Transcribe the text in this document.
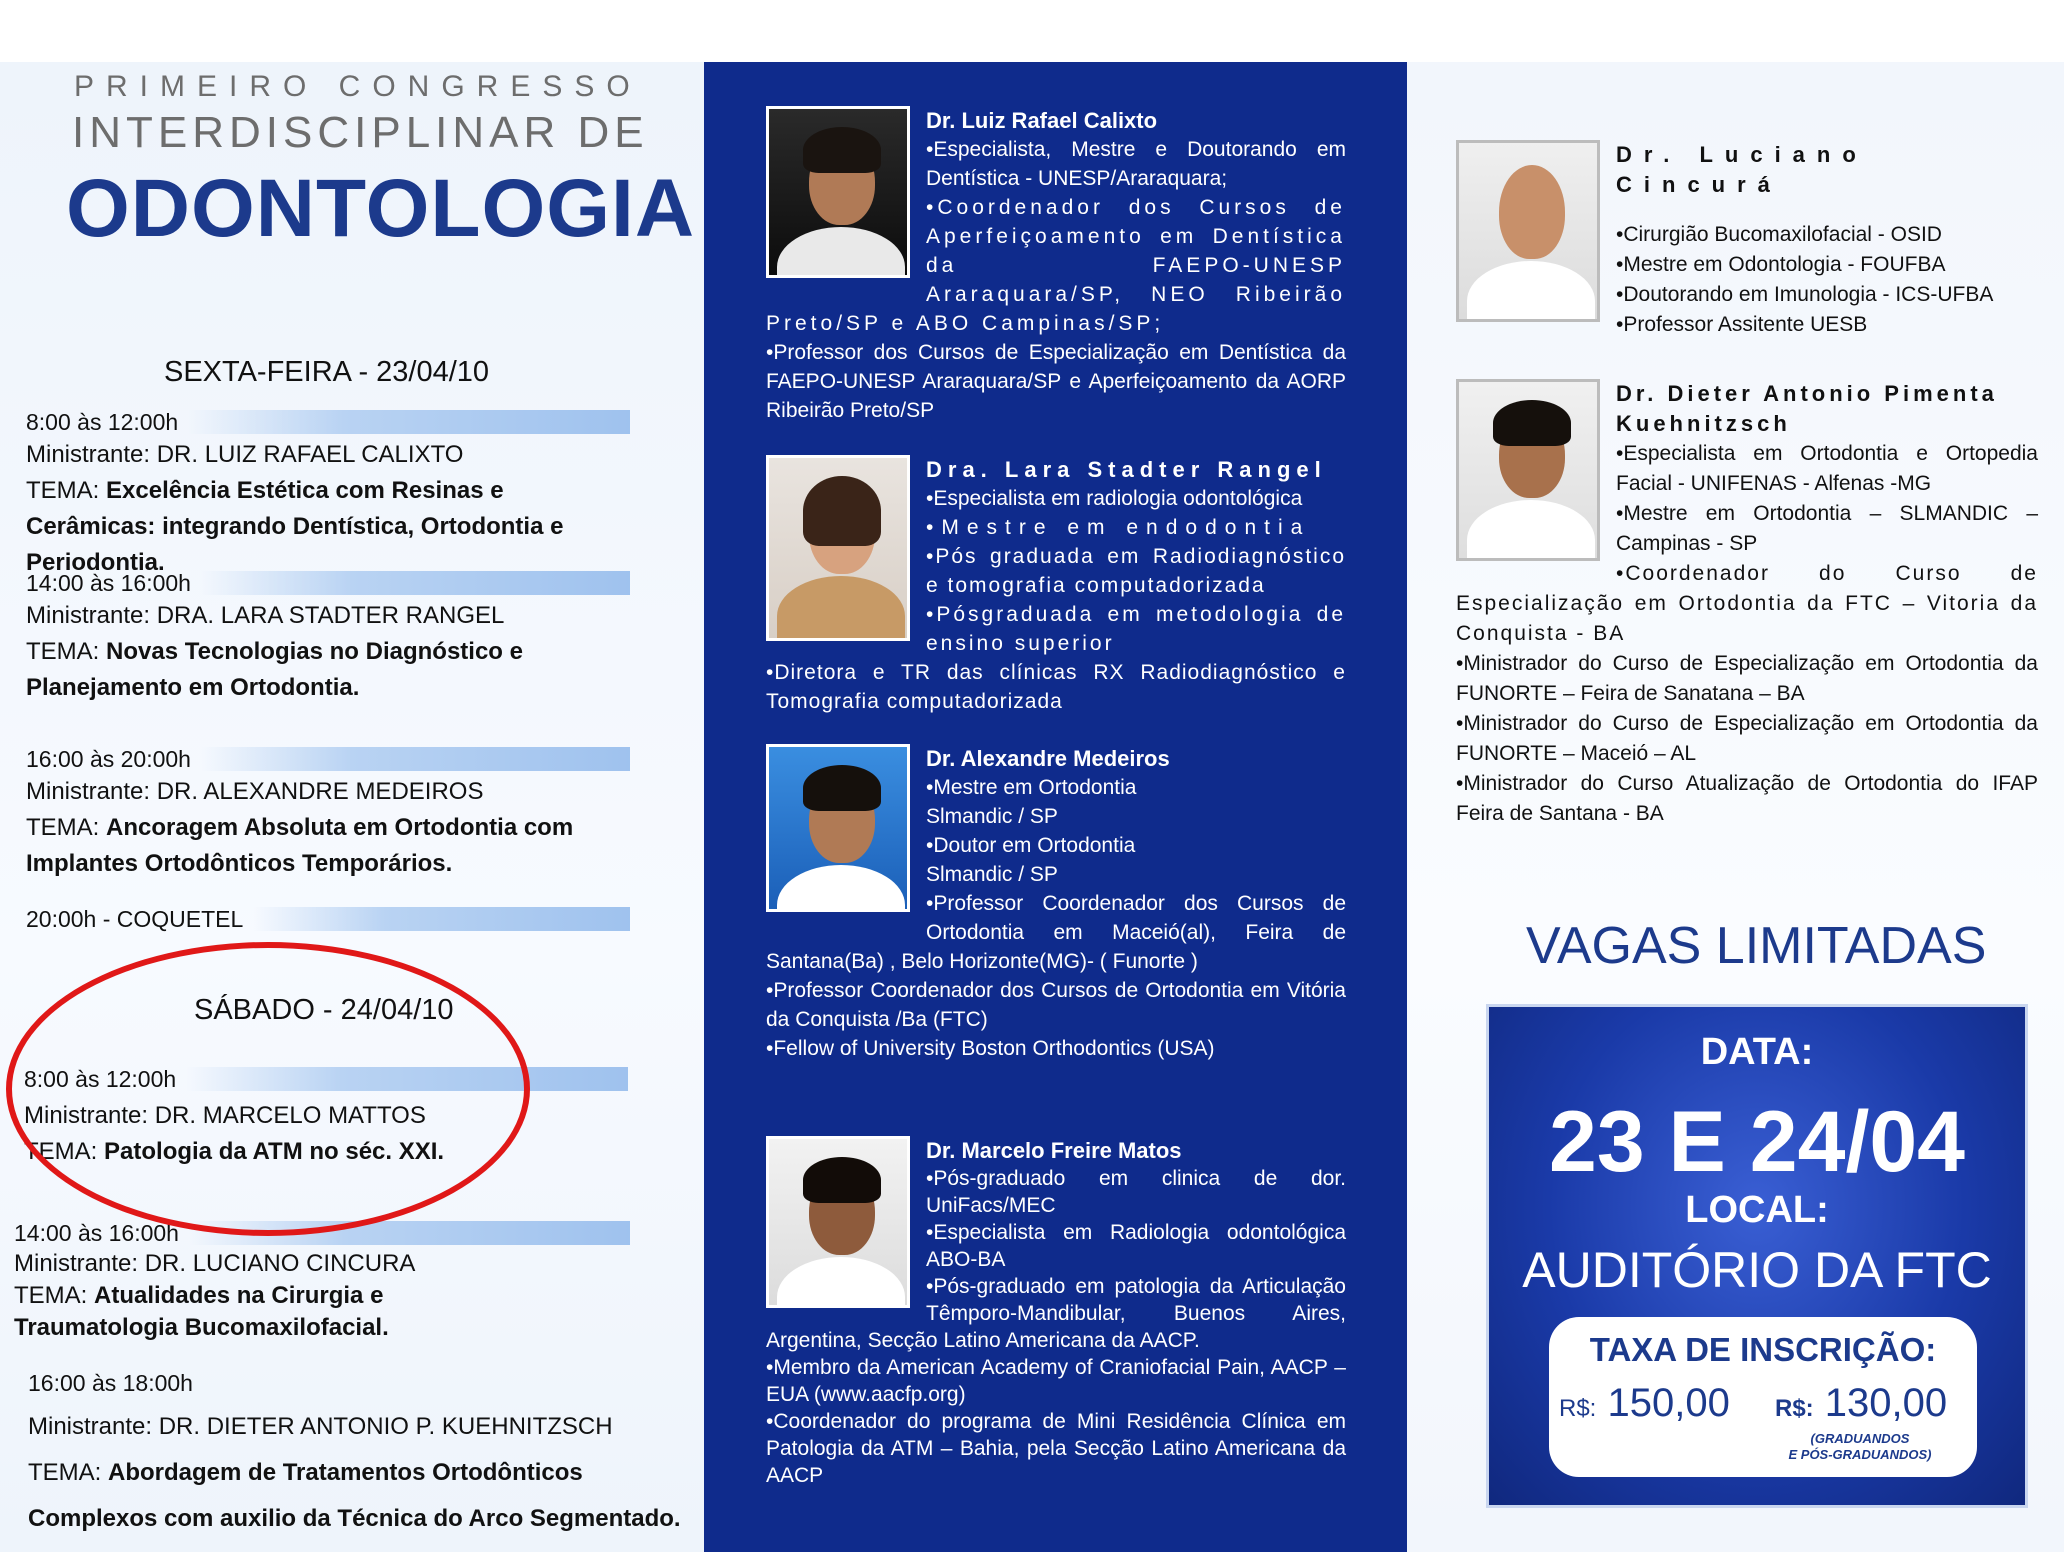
PRIMEIRO CONGRESSO
INTERDISCIPLINAR DE
ODONTOLOGIA
SEXTA-FEIRA - 23/04/10
8:00 às 12:00h
Ministrante: DR. LUIZ RAFAEL CALIXTO
TEMA: Excelência Estética com Resinas e Cerâmicas: integrando Dentística, Ortodontia e Periodontia.
14:00 às 16:00h
Ministrante: DRA. LARA STADTER RANGEL
TEMA: Novas Tecnologias no Diagnóstico e Planejamento em Ortodontia.
16:00 às 20:00h
Ministrante: DR. ALEXANDRE MEDEIROS
TEMA: Ancoragem Absoluta em Ortodontia com Implantes Ortodônticos Temporários.
20:00h - COQUETEL
SÁBADO - 24/04/10
8:00 às 12:00h
Ministrante: DR. MARCELO MATTOS
TEMA: Patologia da ATM no séc. XXI.
14:00 às 16:00h
Ministrante: DR. LUCIANO CINCURA
TEMA: Atualidades na Cirurgia e Traumatologia Bucomaxilofacial.
16:00 às 18:00h
Ministrante: DR. DIETER ANTONIO P. KUEHNITZSCH
TEMA: Abordagem de Tratamentos Ortodônticos Complexos com auxilio da Técnica do Arco Segmentado.
Dr. Luiz Rafael Calixto

•Especialista, Mestre e Doutorando em Dentística - UNESP/Araraquara;

•Coordenador dos Cursos de Aperfeiçoamento em Dentística da FAEPO-UNESP Araraquara/SP, NEO Ribeirão Preto/SP e ABO Campinas/SP;

•Professor dos Cursos de Especialização em Dentística da FAEPO-UNESP Araraquara/SP e Aperfeiçoamento da AORP Ribeirão Preto/SP

Dra. Lara Stadter Rangel

•Especialista em radiologia odontológica

•Mestre em endodontia

•Pós graduada em Radiodiagnóstico e tomografia computadorizada

•Pósgraduada em metodologia de ensino superior

•Diretora e TR das clínicas RX Radiodiagnóstico e Tomografia computadorizada

Dr. Alexandre Medeiros

•Mestre em Ortodontia

Slmandic / SP

•Doutor em Ortodontia

Slmandic / SP

•Professor Coordenador dos Cursos de Ortodontia em Maceió(al), Feira de Santana(Ba) , Belo Horizonte(MG)- ( Funorte )

•Professor Coordenador dos Cursos de Ortodontia em Vitória da Conquista /Ba (FTC)

•Fellow of University Boston Orthodontics (USA)

Dr. Marcelo Freire Matos

•Pós-graduado em clinica de dor. UniFacs/MEC

•Especialista em Radiologia odontológica ABO-BA

•Pós-graduado em patologia da Articulação Têmporo-Mandibular, Buenos Aires, Argentina, Secção Latino Americana da AACP.

•Membro da American Academy of Craniofacial Pain, AACP – EUA (www.aacfp.org)

•Coordenador do programa de Mini Residência Clínica em Patologia da ATM – Bahia, pela Secção Latino Americana da AACP

Dr. Luciano Cincurá

•Cirurgião Bucomaxilofacial - OSID

•Mestre em Odontologia - FOUFBA

•Doutorando em Imunologia - ICS-UFBA

•Professor Assitente UESB

Dr. Dieter Antonio Pimenta Kuehnitzsch

•Especialista em Ortodontia e Ortopedia Facial - UNIFENAS - Alfenas -MG

•Mestre em Ortodontia – SLMANDIC – Campinas - SP

•Coordenador do Curso de Especialização em Ortodontia da FTC – Vitoria da Conquista - BA

•Ministrador do Curso de Especialização em Ortodontia da FUNORTE – Feira de Sanatana – BA

•Ministrador do Curso de Especialização em Ortodontia da FUNORTE – Maceió – AL

•Ministrador do Curso Atualização de Ortodontia do IFAP Feira de Santana - BA

VAGAS LIMITADAS
DATA:
23 E 24/04
LOCAL:
AUDITÓRIO DA FTC
TAXA DE INSCRIÇÃO:
R$: 150,00 R$: 130,00
(GRADUANDOS
E PÓS-GRADUANDOS)
